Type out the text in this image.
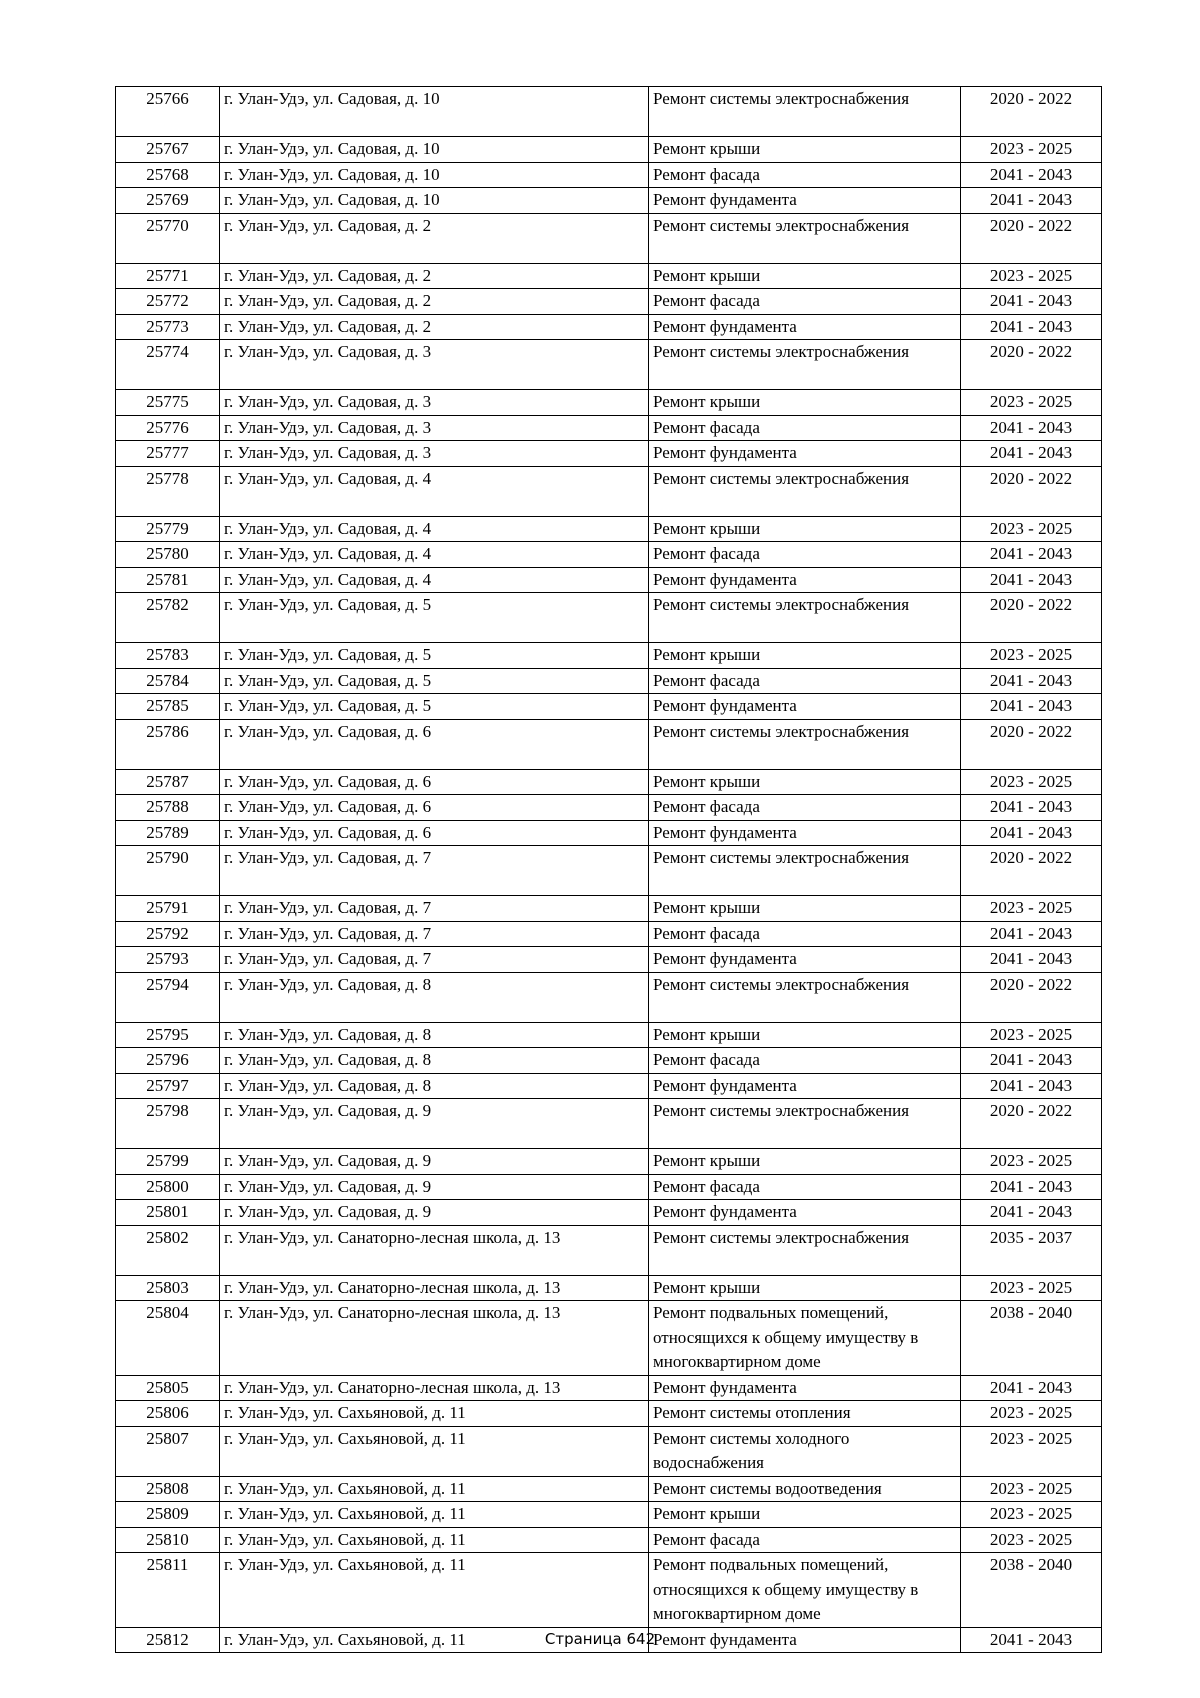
25766	г. Улан-Удэ, ул. Садовая, д. 10	Ремонт системы электроснабжения	2020 - 2022
25767	г. Улан-Удэ, ул. Садовая, д. 10	Ремонт крыши	2023 - 2025
25768	г. Улан-Удэ, ул. Садовая, д. 10	Ремонт фасада	2041 - 2043
25769	г. Улан-Удэ, ул. Садовая, д. 10	Ремонт фундамента	2041 - 2043
25770	г. Улан-Удэ, ул. Садовая, д. 2	Ремонт системы электроснабжения	2020 - 2022
25771	г. Улан-Удэ, ул. Садовая, д. 2	Ремонт крыши	2023 - 2025
25772	г. Улан-Удэ, ул. Садовая, д. 2	Ремонт фасада	2041 - 2043
25773	г. Улан-Удэ, ул. Садовая, д. 2	Ремонт фундамента	2041 - 2043
25774	г. Улан-Удэ, ул. Садовая, д. 3	Ремонт системы электроснабжения	2020 - 2022
25775	г. Улан-Удэ, ул. Садовая, д. 3	Ремонт крыши	2023 - 2025
25776	г. Улан-Удэ, ул. Садовая, д. 3	Ремонт фасада	2041 - 2043
25777	г. Улан-Удэ, ул. Садовая, д. 3	Ремонт фундамента	2041 - 2043
25778	г. Улан-Удэ, ул. Садовая, д. 4	Ремонт системы электроснабжения	2020 - 2022
25779	г. Улан-Удэ, ул. Садовая, д. 4	Ремонт крыши	2023 - 2025
25780	г. Улан-Удэ, ул. Садовая, д. 4	Ремонт фасада	2041 - 2043
25781	г. Улан-Удэ, ул. Садовая, д. 4	Ремонт фундамента	2041 - 2043
25782	г. Улан-Удэ, ул. Садовая, д. 5	Ремонт системы электроснабжения	2020 - 2022
25783	г. Улан-Удэ, ул. Садовая, д. 5	Ремонт крыши	2023 - 2025
25784	г. Улан-Удэ, ул. Садовая, д. 5	Ремонт фасада	2041 - 2043
25785	г. Улан-Удэ, ул. Садовая, д. 5	Ремонт фундамента	2041 - 2043
25786	г. Улан-Удэ, ул. Садовая, д. 6	Ремонт системы электроснабжения	2020 - 2022
25787	г. Улан-Удэ, ул. Садовая, д. 6	Ремонт крыши	2023 - 2025
25788	г. Улан-Удэ, ул. Садовая, д. 6	Ремонт фасада	2041 - 2043
25789	г. Улан-Удэ, ул. Садовая, д. 6	Ремонт фундамента	2041 - 2043
25790	г. Улан-Удэ, ул. Садовая, д. 7	Ремонт системы электроснабжения	2020 - 2022
25791	г. Улан-Удэ, ул. Садовая, д. 7	Ремонт крыши	2023 - 2025
25792	г. Улан-Удэ, ул. Садовая, д. 7	Ремонт фасада	2041 - 2043
25793	г. Улан-Удэ, ул. Садовая, д. 7	Ремонт фундамента	2041 - 2043
25794	г. Улан-Удэ, ул. Садовая, д. 8	Ремонт системы электроснабжения	2020 - 2022
25795	г. Улан-Удэ, ул. Садовая, д. 8	Ремонт крыши	2023 - 2025
25796	г. Улан-Удэ, ул. Садовая, д. 8	Ремонт фасада	2041 - 2043
25797	г. Улан-Удэ, ул. Садовая, д. 8	Ремонт фундамента	2041 - 2043
25798	г. Улан-Удэ, ул. Садовая, д. 9	Ремонт системы электроснабжения	2020 - 2022
25799	г. Улан-Удэ, ул. Садовая, д. 9	Ремонт крыши	2023 - 2025
25800	г. Улан-Удэ, ул. Садовая, д. 9	Ремонт фасада	2041 - 2043
25801	г. Улан-Удэ, ул. Садовая, д. 9	Ремонт фундамента	2041 - 2043
25802	г. Улан-Удэ, ул. Санаторно-лесная школа, д. 13	Ремонт системы электроснабжения	2035 - 2037
25803	г. Улан-Удэ, ул. Санаторно-лесная школа, д. 13	Ремонт крыши	2023 - 2025
25804	г. Улан-Удэ, ул. Санаторно-лесная школа, д. 13	Ремонт подвальных помещений, относящихся к общему имуществу в многоквартирном доме	2038 - 2040
25805	г. Улан-Удэ, ул. Санаторно-лесная школа, д. 13	Ремонт фундамента	2041 - 2043
25806	г. Улан-Удэ, ул. Сахьяновой, д. 11	Ремонт системы отопления	2023 - 2025
25807	г. Улан-Удэ, ул. Сахьяновой, д. 11	Ремонт системы холодного водоснабжения	2023 - 2025
25808	г. Улан-Удэ, ул. Сахьяновой, д. 11	Ремонт системы водоотведения	2023 - 2025
25809	г. Улан-Удэ, ул. Сахьяновой, д. 11	Ремонт крыши	2023 - 2025
25810	г. Улан-Удэ, ул. Сахьяновой, д. 11	Ремонт фасада	2023 - 2025
25811	г. Улан-Удэ, ул. Сахьяновой, д. 11	Ремонт подвальных помещений, относящихся к общему имуществу в многоквартирном доме	2038 - 2040
25812	г. Улан-Удэ, ул. Сахьяновой, д. 11	Ремонт фундамента	2041 - 2043
Страница 642
